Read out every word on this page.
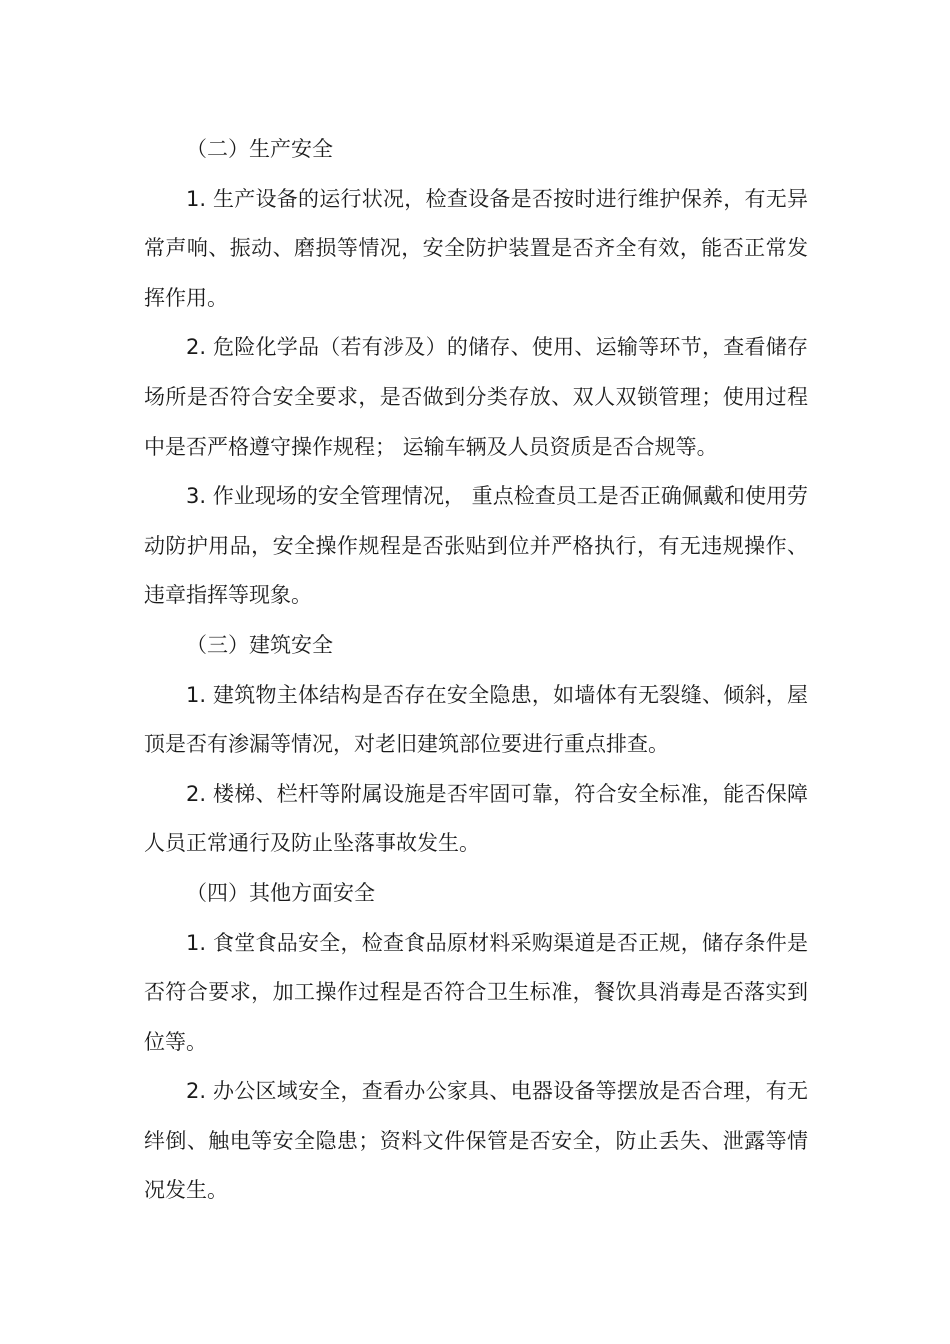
（二）生产安全

1. 生产设备的运行状况，检查设备是否按时进行维护保养，有无异常声响、振动、磨损等情况，安全防护装置是否齐全有效，能否正常发挥作用。

2. 危险化学品（若有涉及）的储存、使用、运输等环节，查看储存场所是否符合安全要求，是否做到分类存放、双人双锁管理；使用过程中是否严格遵守操作规程； 运输车辆及人员资质是否合规等。

3. 作业现场的安全管理情况， 重点检查员工是否正确佩戴和使用劳动防护用品，安全操作规程是否张贴到位并严格执行，有无违规操作、违章指挥等现象。

（三）建筑安全

1. 建筑物主体结构是否存在安全隐患，如墙体有无裂缝、倾斜，屋顶是否有渗漏等情况，对老旧建筑部位要进行重点排查。

2. 楼梯、栏杆等附属设施是否牢固可靠，符合安全标准，能否保障人员正常通行及防止坠落事故发生。

（四）其他方面安全

1. 食堂食品安全，检查食品原材料采购渠道是否正规，储存条件是否符合要求，加工操作过程是否符合卫生标准，餐饮具消毒是否落实到位等。

2. 办公区域安全，查看办公家具、电器设备等摆放是否合理，有无绊倒、触电等安全隐患；资料文件保管是否安全，防止丢失、泄露等情况发生。
